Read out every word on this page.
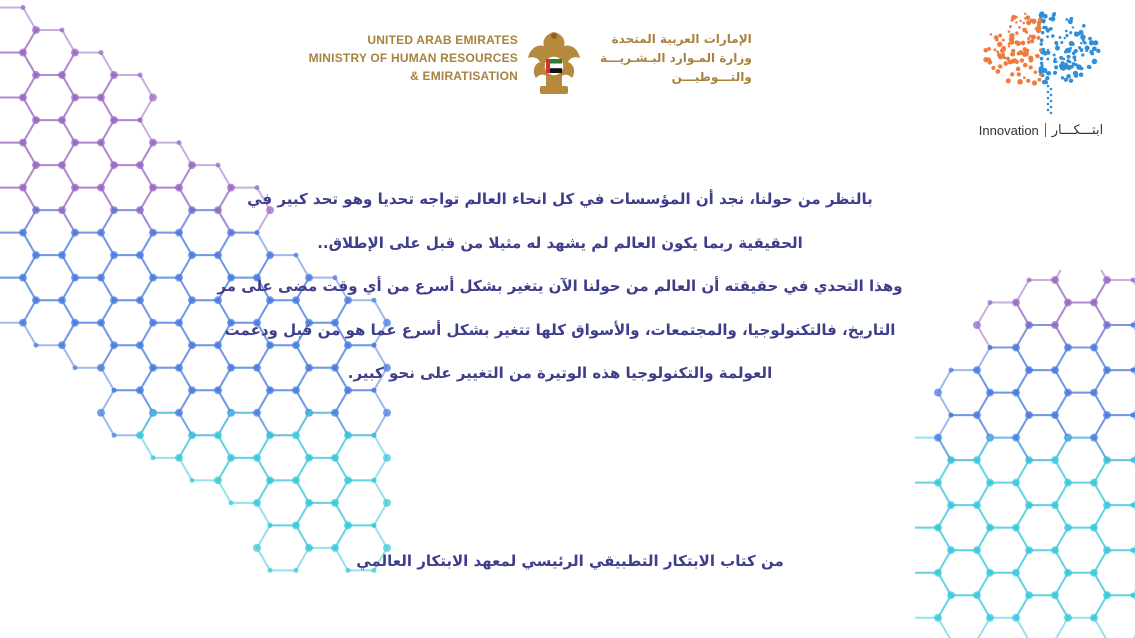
UNITED ARAB EMIRATES
MINISTRY OF HUMAN RESOURCES
& EMIRATISATION
الإمارات العربية المتحدة
وزارة المـوارد البـشـريـــة
والتـــوطيـــن
Innovation ابتـــكـــار
بالنظر من حولنا، نجد أن المؤسسات في كل انحاء العالم تواجه تحديا وهو تحد كبير في
الحقيقية ربما يكون العالم لم يشهد له مثيلا من قبل على الإطلاق..
وهذا التحدي في حقيقته أن العالم من حولنا الآن يتغير بشكل أسرع من أي وقت مضى على مر
التاريخ، فالتكنولوجيا، والمجتمعات، والأسواق كلها تتغير بشكل أسرع عما هو من قبل ودعمت
العولمة والتكنولوجيا هذه الوتيرة من التغيير على نحو كبير.
من كتاب الابتكار التطبيقي الرئيسي لمعهد الابتكار العالمي
